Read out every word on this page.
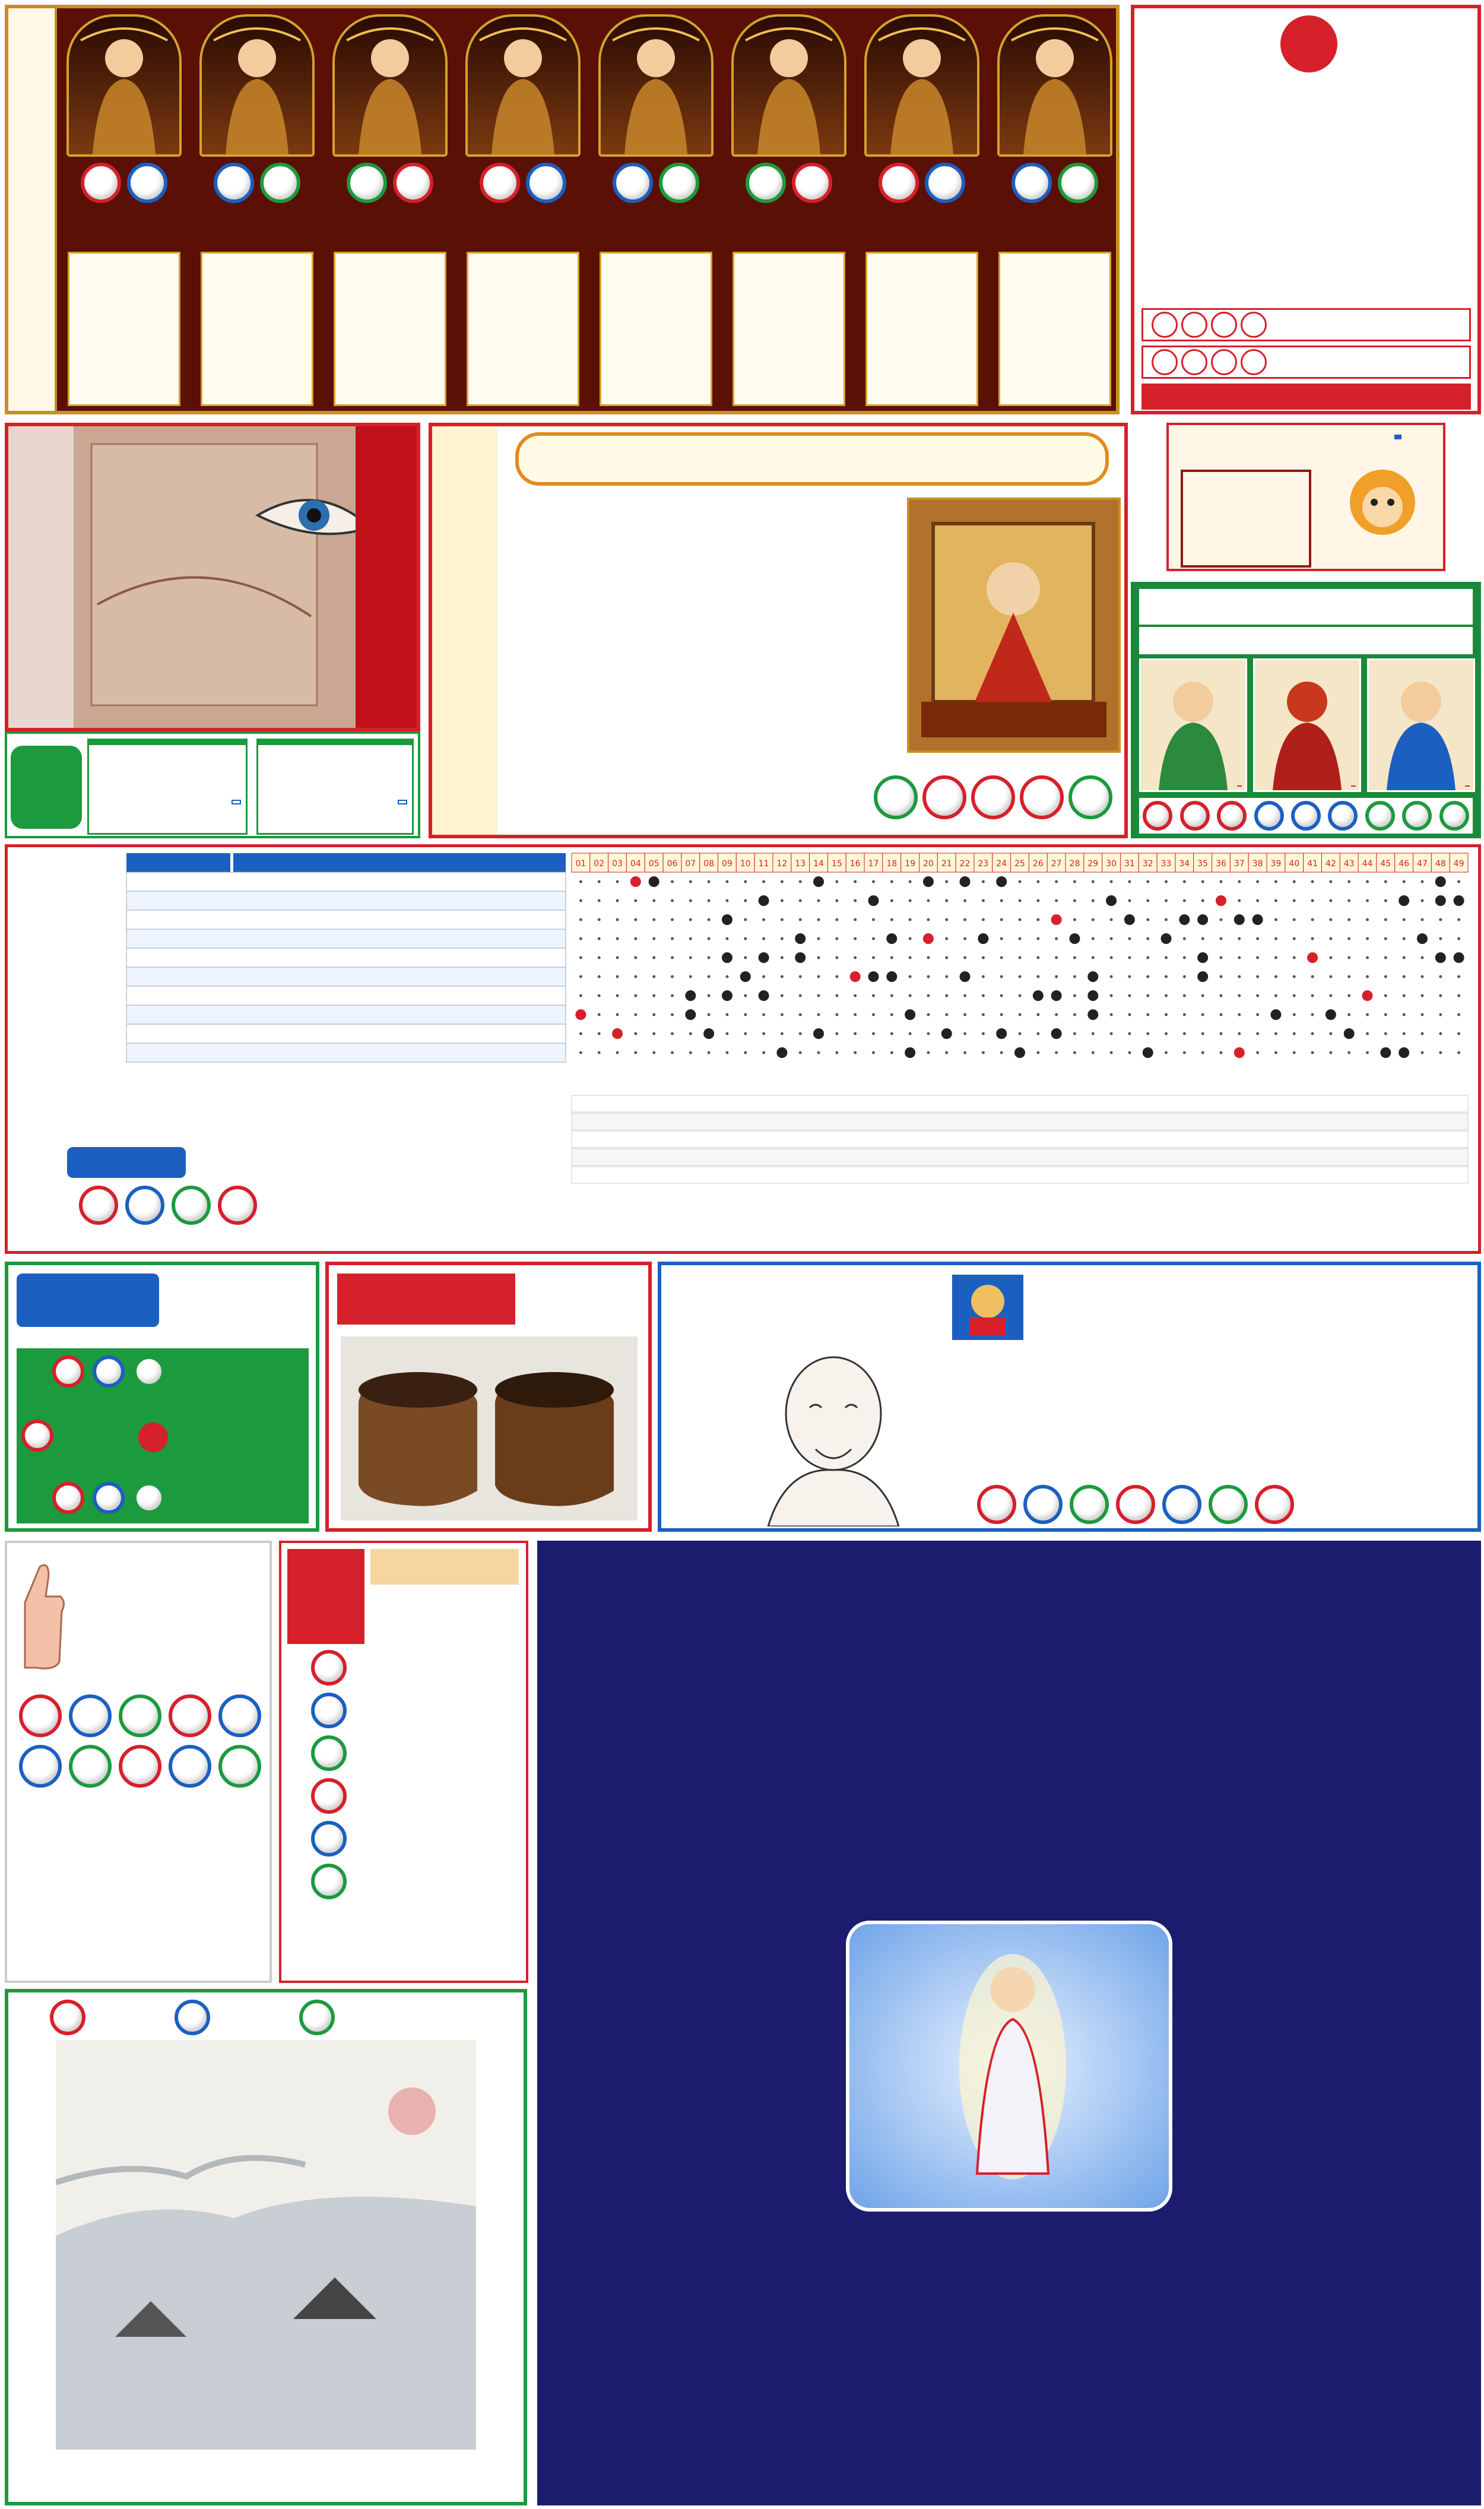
01 02 03 04 05 06 07 08 09 10 11 12 13 14 15 16 17 18 19 20 21 22 23 24 25 26 27 28 29 30 31 32 33 34 35 36 37 38 39 40 41 42 43 44 45 46 47 48 49
